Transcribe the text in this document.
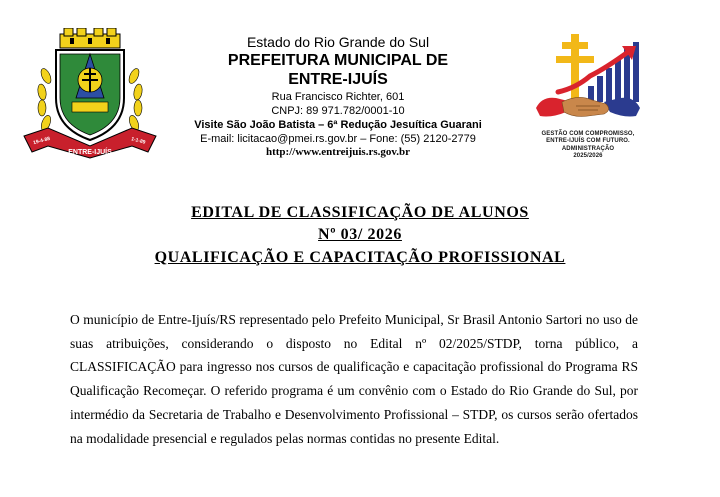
ENTRE-IJUÍS
19-4-88	1-1-89
Estado do Rio Grande do Sul
PREFEITURA MUNICIPAL DE
ENTRE-IJUÍS
Rua Francisco Richter, 601
CNPJ: 89 971.782/0001-10
Visite São João Batista – 6ª Redução Jesuítica Guarani
E-mail: licitacao@pmei.rs.gov.br – Fone: (55) 2120-2779
http://www.entreijuis.rs.gov.br
GESTÃO COM COMPROMISSO,
ENTRE-IJUÍS COM FUTURO.
ADMINISTRAÇÃO
2025/2026
EDITAL DE CLASSIFICAÇÃO DE ALUNOS
Nº 03/ 2026
QUALIFICAÇÃO E CAPACITAÇÃO PROFISSIONAL

O município de Entre-Ijuís/RS representado pelo Prefeito Municipal, Sr Brasil Antonio Sartori no uso de suas atribuições, considerando o disposto no Edital nº 02/2025/STDP, torna público, a CLASSIFICAÇÃO para ingresso nos cursos de qualificação e capacitação profissional do Programa RS Qualificação Recomeçar. O referido programa é um convênio com o Estado do Rio Grande do Sul, por intermédio da Secretaria de Trabalho e Desenvolvimento Profissional – STDP, os cursos serão ofertados na modalidade presencial e regulados pelas normas contidas no presente Edital.
